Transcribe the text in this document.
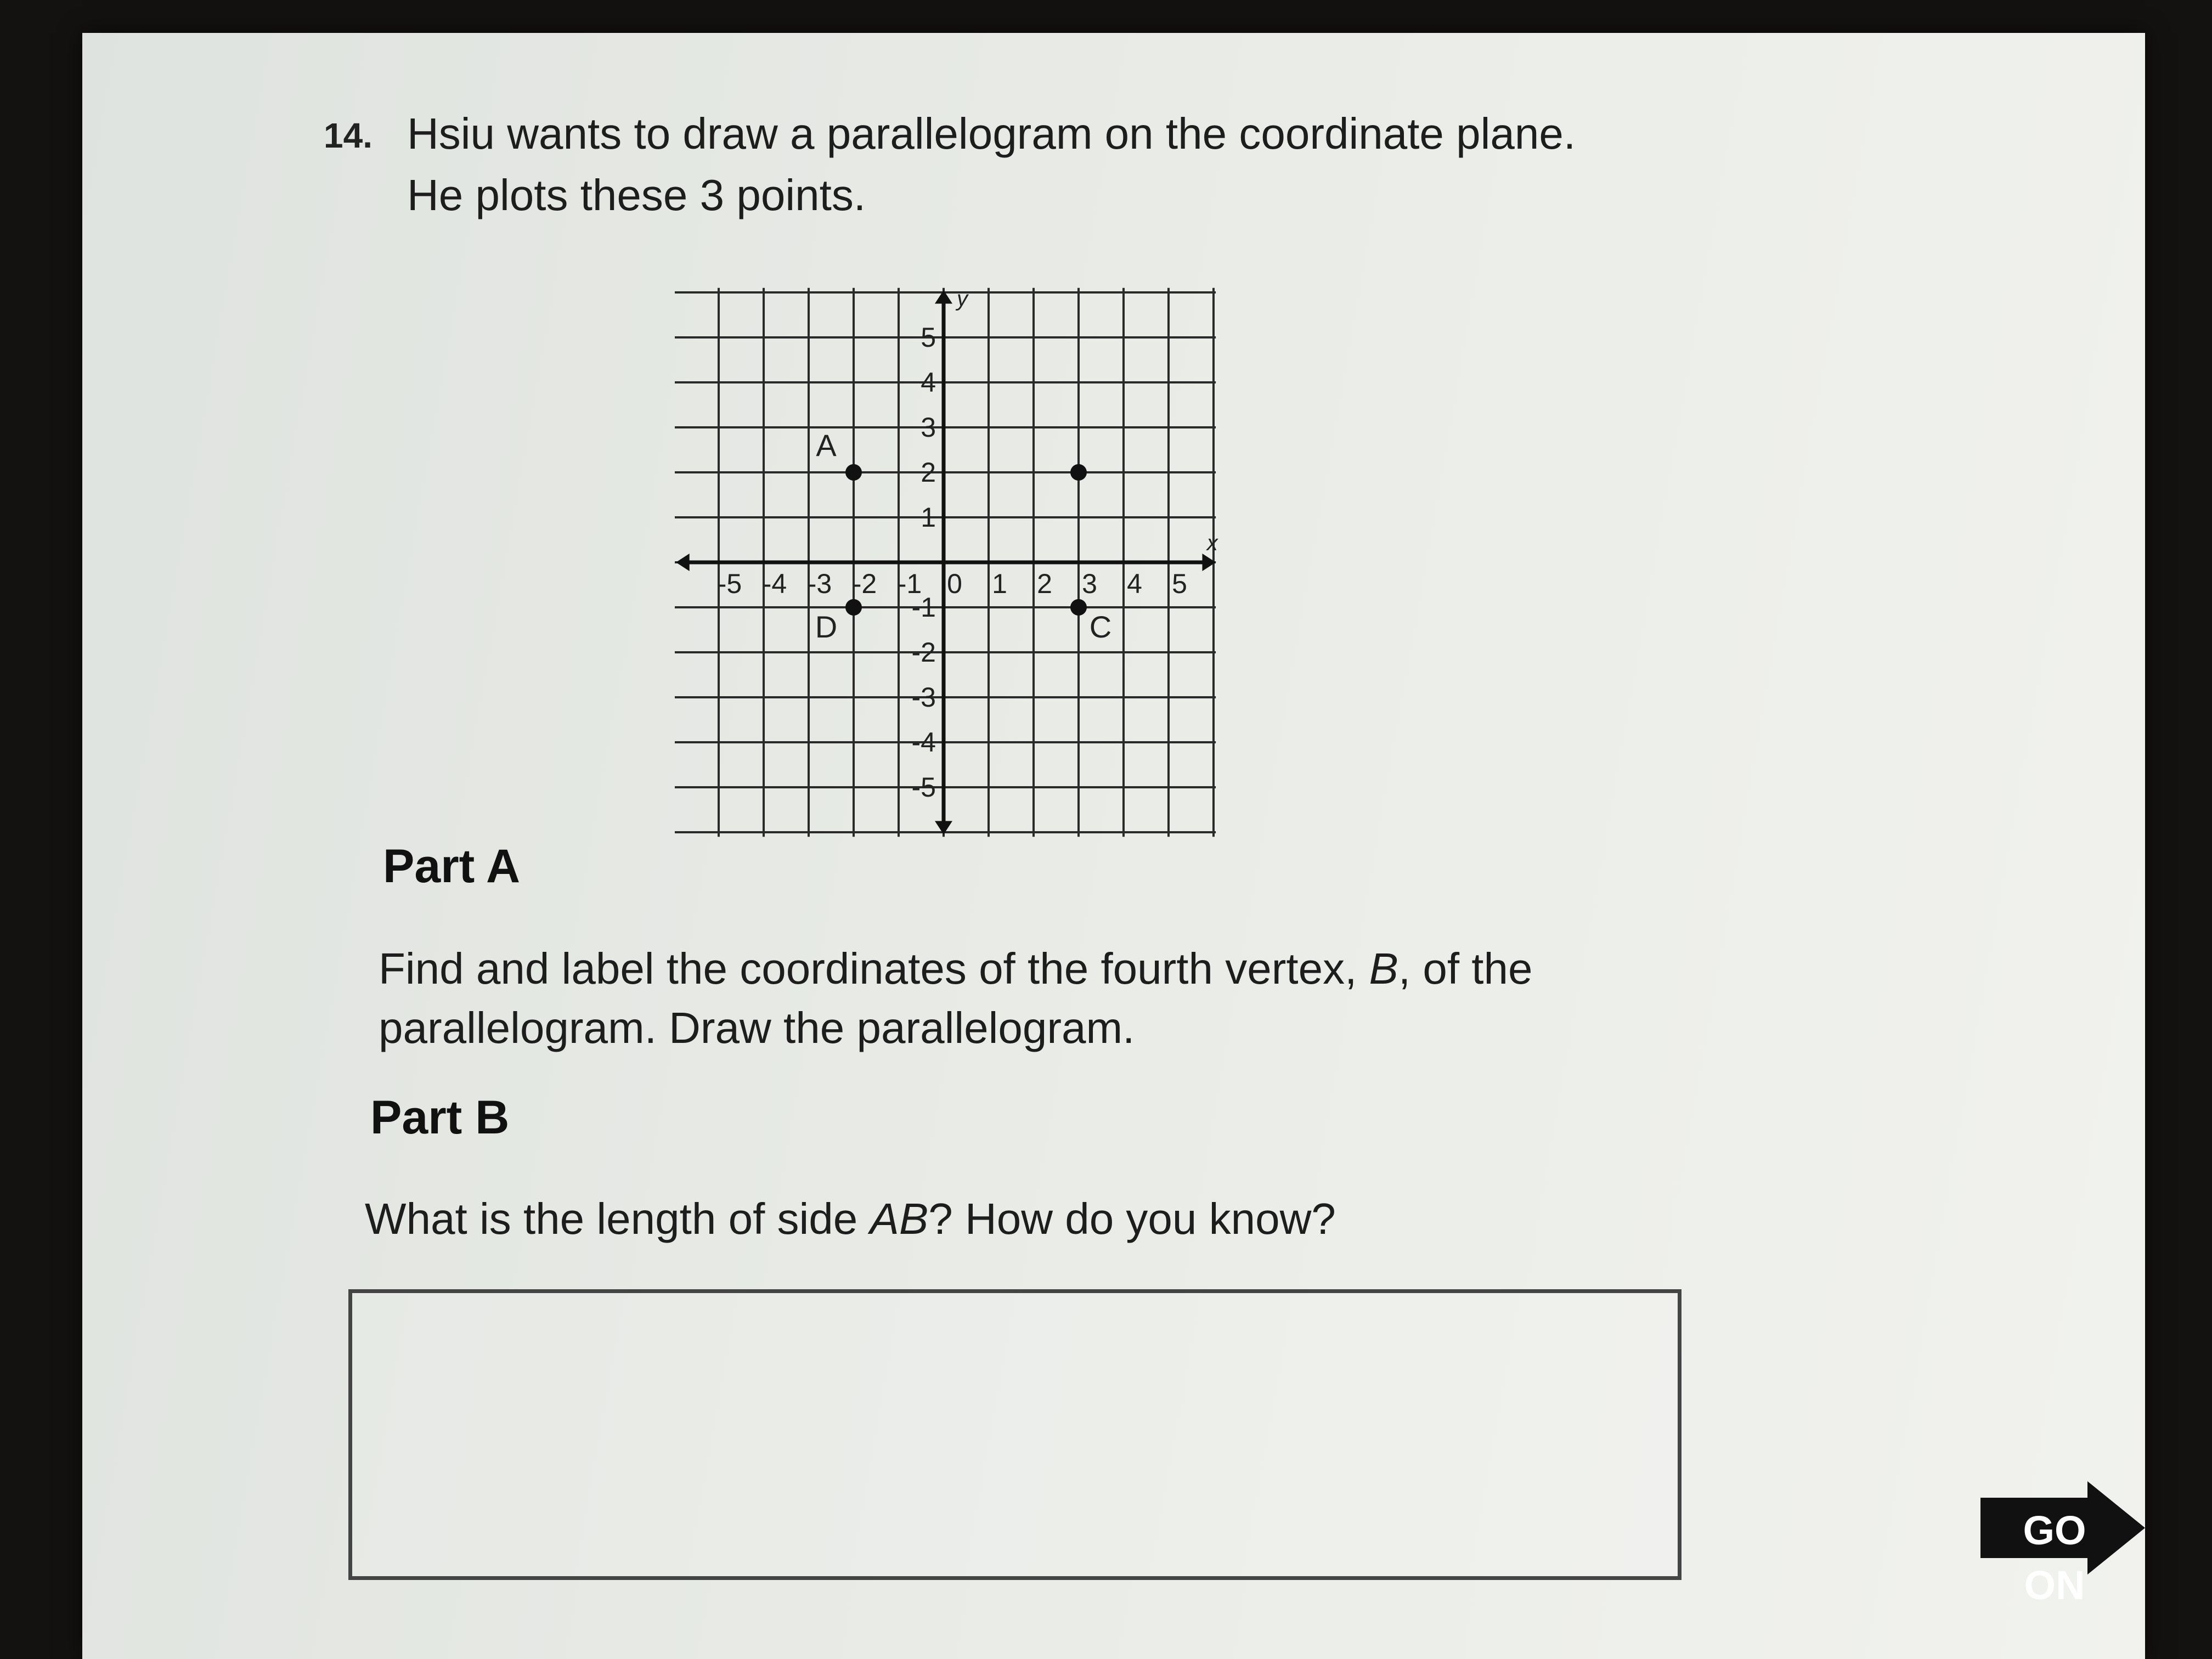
14. Hsiu wants to draw a parallelogram on the coordinate plane.
He plots these 3 points.
x
y
-5 -4 -3 -2 -1 0 1 2 3 4 5
5
4
3
2
1
-1
-2
-3
-4
-5
A
D	C
Part A
Find and label the coordinates of the fourth vertex, B, of the
parallelogram. Draw the parallelogram.
Part B
What is the length of side AB? How do you know?
GO ON
